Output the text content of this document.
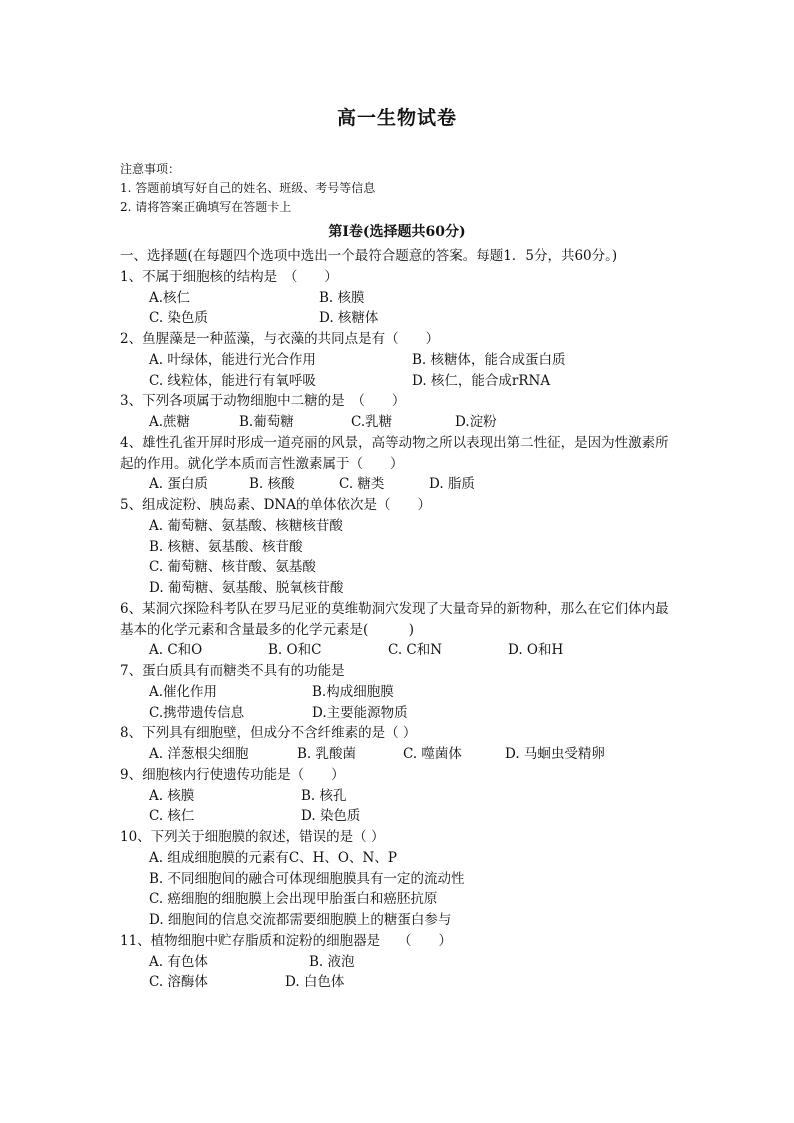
高一生物试卷
注意事项：
1. 答题前填写好自己的姓名、班级、考号等信息
2. 请将答案正确填写在答题卡上
第I卷(选择题共60分)
一、选择题(在每题四个选项中选出一个最符合题意的答案。每题1．5分，共60分。)
1、不属于细胞核的结构是　（　　）
A.核仁	B. 核膜
C. 染色质	D. 核糖体
2、鱼腥藻是一种蓝藻，与衣藻的共同点是有（　　）
A. 叶绿体，能进行光合作用	B. 核糖体，能合成蛋白质
C. 线粒体，能进行有氧呼吸	D. 核仁，能合成rRNA
3、下列各项属于动物细胞中二糖的是　（　　）
A.蔗糖	B.葡萄糖	C.乳糖	D.淀粉
4、雄性孔雀开屏时形成一道亮丽的风景，高等动物之所以表现出第二性征，是因为性激素所起的作用。就化学本质而言性激素属于（　　）
A. 蛋白质	B. 核酸	C. 糖类	D. 脂质
5、组成淀粉、胰岛素、DNA的单体依次是（　　）
A. 葡萄糖、氨基酸、核糖核苷酸
B. 核糖、氨基酸、核苷酸
C. 葡萄糖、核苷酸、氨基酸
D. 葡萄糖、氨基酸、脱氧核苷酸
6、某洞穴探险科考队在罗马尼亚的莫维勒洞穴发现了大量奇异的新物种，那么在它们体内最基本的化学元素和含量最多的化学元素是(　　　)
A. C和O	B. O和C	C. C和N	D. O和H
7、蛋白质具有而糖类不具有的功能是
A.催化作用	B.构成细胞膜
C.携带遗传信息	D.主要能源物质
8、下列具有细胞壁，但成分不含纤维素的是（ ）
A. 洋葱根尖细胞	B. 乳酸菌	C. 噬菌体	D. 马蛔虫受精卵
9、细胞核内行使遗传功能是（　　）
A. 核膜	B. 核孔
C. 核仁	D. 染色质
10、下列关于细胞膜的叙述，错误的是（ ）
A. 组成细胞膜的元素有C、H、O、N、P
B. 不同细胞间的融合可体现细胞膜具有一定的流动性
C. 癌细胞的细胞膜上会出现甲胎蛋白和癌胚抗原
D. 细胞间的信息交流都需要细胞膜上的糖蛋白参与
11、植物细胞中贮存脂质和淀粉的细胞器是　 （　　）
A. 有色体	B. 液泡
C. 溶酶体	D. 白色体
